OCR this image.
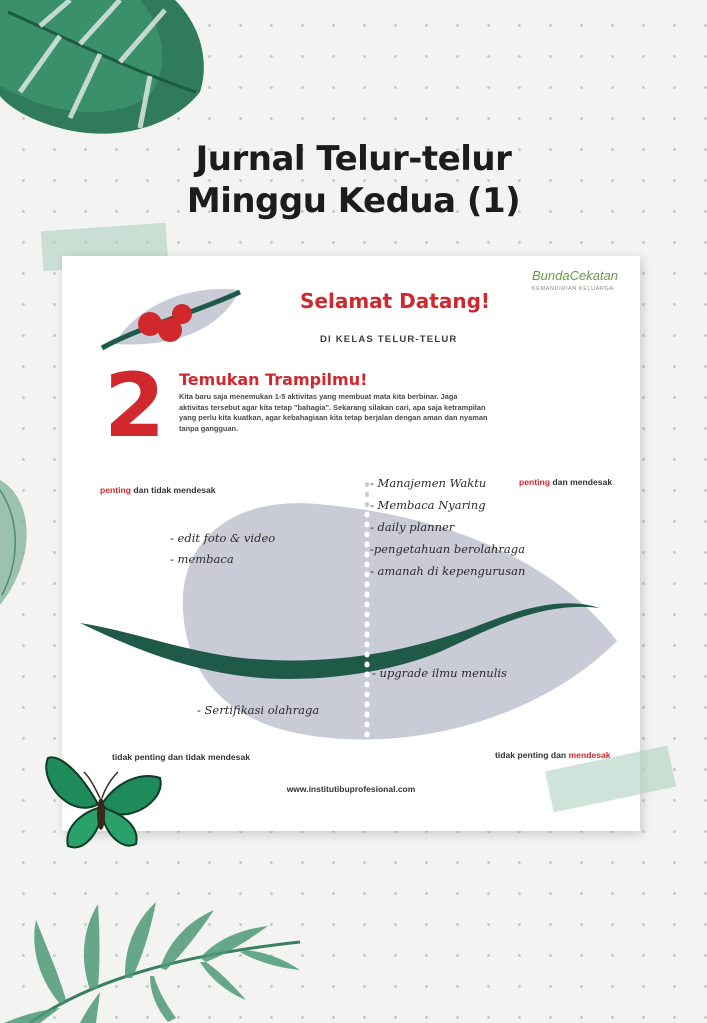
Jurnal Telur-telur
Minggu Kedua (1)
BundaCekatan
KEMANDIRIAN KELUARGA
Selamat Datang!
DI KELAS TELUR-TELUR
2 Temukan Trampilmu!
Kita baru saja menemukan 1-5 aktivitas yang membuat mata kita berbinar. Jaga aktivitas tersebut agar kita tetap "bahagia". Sekarang silakan cari, apa saja ketrampilan yang perlu kita kuatkan, agar kebahagiaan kita tetap berjalan dengan aman dan nyaman tanpa gangguan.
penting dan tidak mendesak
penting dan mendesak
tidak penting dan tidak mendesak	tidak penting dan mendesak
www.institutibuprofesional.com
- Manajemen Waktu
- Membaca Nyaring
- daily planner
-pengetahuan berolahraga
- amanah di kepengurusan
- edit foto & video
- membaca
- upgrade ilmu menulis
- Sertifikasi olahraga
